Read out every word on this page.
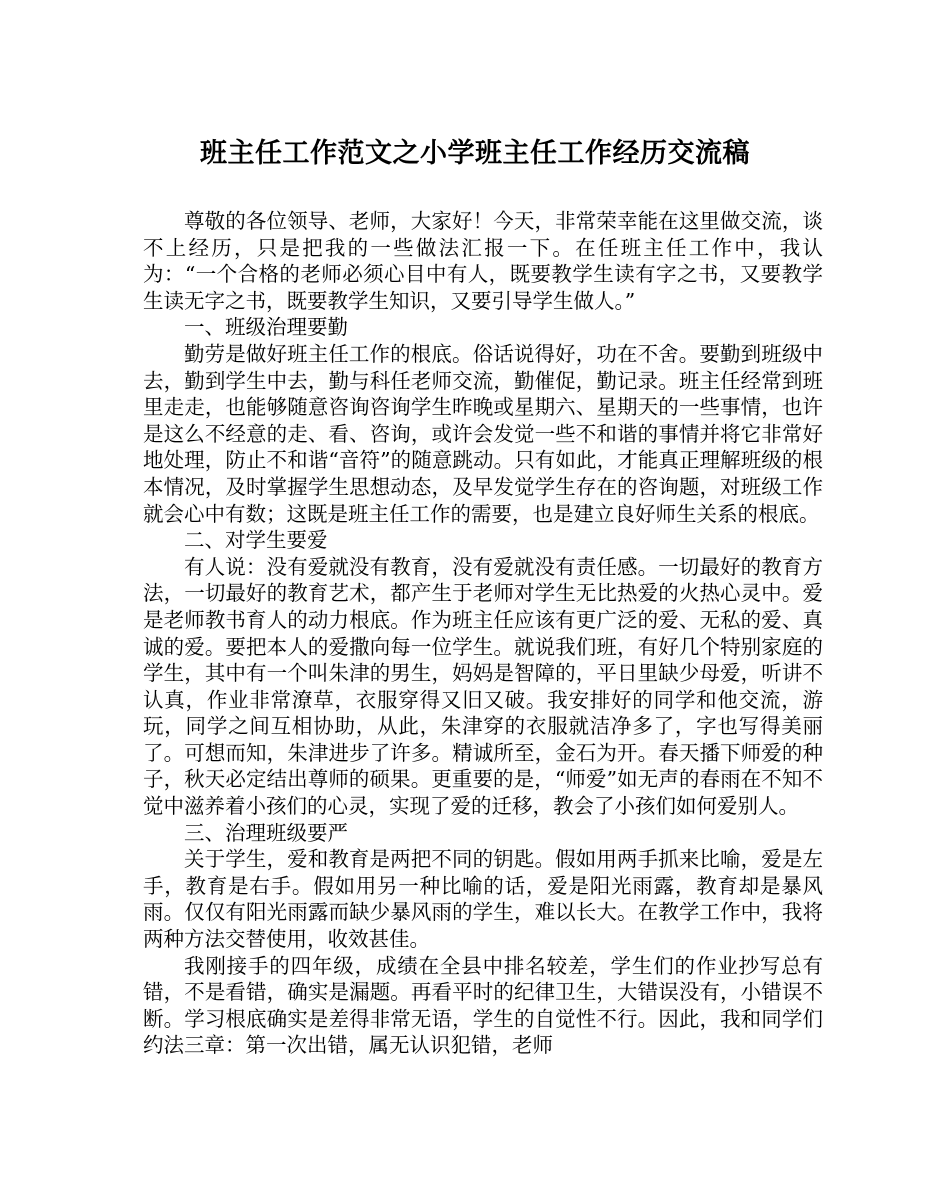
班主任工作范文之小学班主任工作经历交流稿

尊敬的各位领导、老师，大家好！今天，非常荣幸能在这里做交流，谈不上经历，只是把我的一些做法汇报一下。在任班主任工作中，我认为：“一个合格的老师必须心目中有人，既要教学生读有字之书，又要教学生读无字之书，既要教学生知识，又要引导学生做人。”

一、班级治理要勤

勤劳是做好班主任工作的根底。俗话说得好，功在不舍。要勤到班级中去，勤到学生中去，勤与科任老师交流，勤催促，勤记录。班主任经常到班里走走，也能够随意咨询咨询学生昨晚或星期六、星期天的一些事情，也许是这么不经意的走、看、咨询，或许会发觉一些不和谐的事情并将它非常好地处理，防止不和谐“音符”的随意跳动。只有如此，才能真正理解班级的根本情况，及时掌握学生思想动态，及早发觉学生存在的咨询题，对班级工作就会心中有数；这既是班主任工作的需要，也是建立良好师生关系的根底。

二、对学生要爱

有人说：没有爱就没有教育，没有爱就没有责任感。一切最好的教育方法，一切最好的教育艺术，都产生于老师对学生无比热爱的火热心灵中。爱是老师教书育人的动力根底。作为班主任应该有更广泛的爱、无私的爱、真诚的爱。要把本人的爱撒向每一位学生。就说我们班，有好几个特别家庭的学生，其中有一个叫朱津的男生，妈妈是智障的，平日里缺少母爱，听讲不认真，作业非常潦草，衣服穿得又旧又破。我安排好的同学和他交流，游玩，同学之间互相协助，从此，朱津穿的衣服就洁净多了，字也写得美丽了。可想而知，朱津进步了许多。精诚所至，金石为开。春天播下师爱的种子，秋天必定结出尊师的硕果。更重要的是，“师爱”如无声的春雨在不知不觉中滋养着小孩们的心灵，实现了爱的迁移，教会了小孩们如何爱别人。

三、治理班级要严

关于学生，爱和教育是两把不同的钥匙。假如用两手抓来比喻，爱是左手，教育是右手。假如用另一种比喻的话，爱是阳光雨露，教育却是暴风雨。仅仅有阳光雨露而缺少暴风雨的学生，难以长大。在教学工作中，我将两种方法交替使用，收效甚佳。

我刚接手的四年级，成绩在全县中排名较差，学生们的作业抄写总有错，不是看错，确实是漏题。再看平时的纪律卫生，大错误没有，小错误不断。学习根底确实是差得非常无语，学生的自觉性不行。因此，我和同学们约法三章：第一次出错，属无认识犯错，老师
